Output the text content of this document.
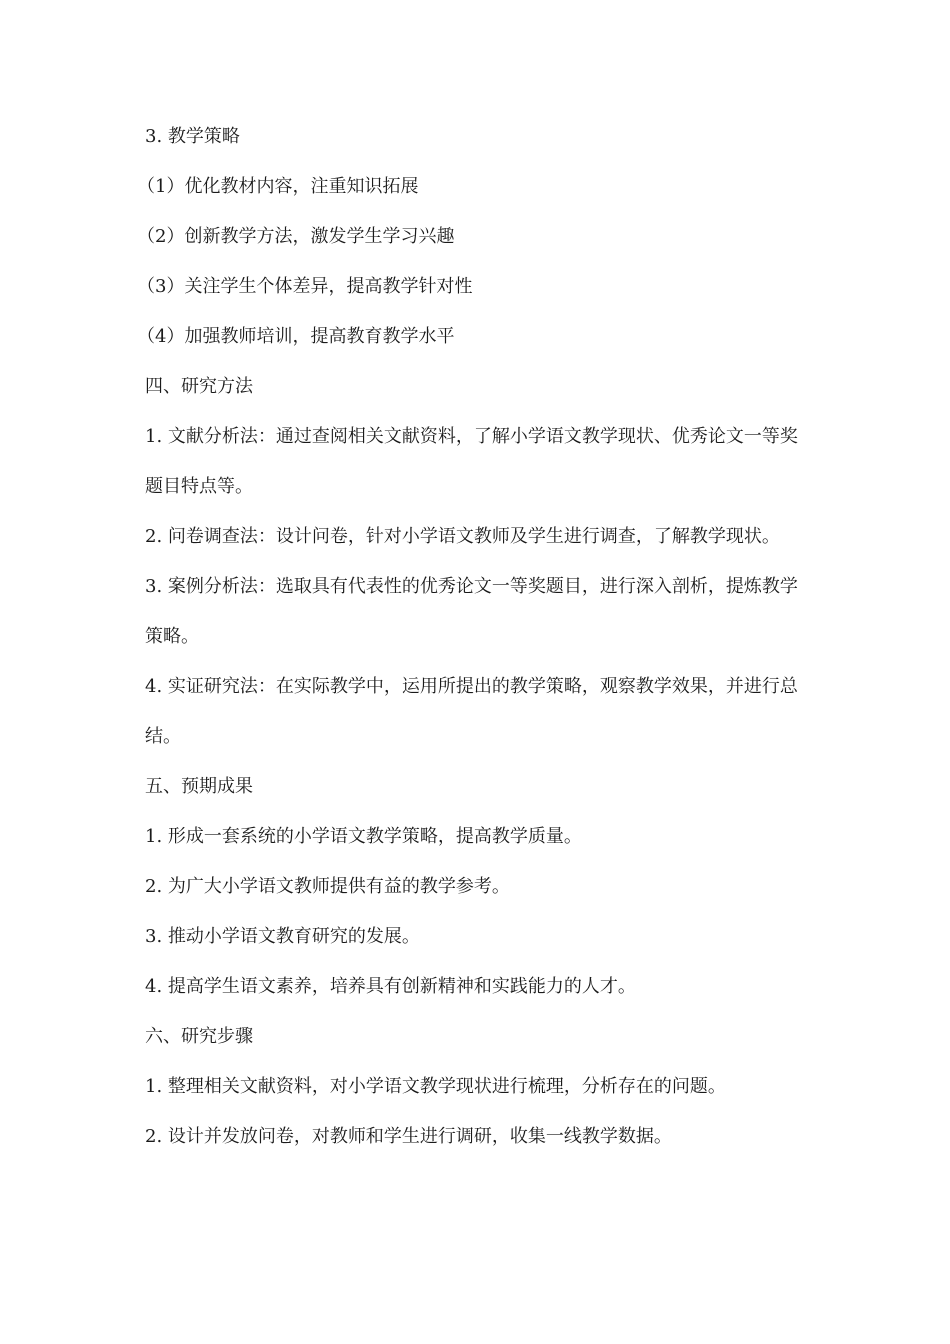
3. 教学策略

（1）优化教材内容，注重知识拓展

（2）创新教学方法，激发学生学习兴趣

（3）关注学生个体差异，提高教学针对性

（4）加强教师培训，提高教育教学水平

四、研究方法

1. 文献分析法：通过查阅相关文献资料，了解小学语文教学现状、优秀论文一等奖题目特点等。

2. 问卷调查法：设计问卷，针对小学语文教师及学生进行调查，了解教学现状。

3. 案例分析法：选取具有代表性的优秀论文一等奖题目，进行深入剖析，提炼教学策略。

4. 实证研究法：在实际教学中，运用所提出的教学策略，观察教学效果，并进行总结。

五、预期成果

1. 形成一套系统的小学语文教学策略，提高教学质量。

2. 为广大小学语文教师提供有益的教学参考。

3. 推动小学语文教育研究的发展。

4. 提高学生语文素养，培养具有创新精神和实践能力的人才。

六、研究步骤

1. 整理相关文献资料，对小学语文教学现状进行梳理，分析存在的问题。

2. 设计并发放问卷，对教师和学生进行调研，收集一线教学数据。
